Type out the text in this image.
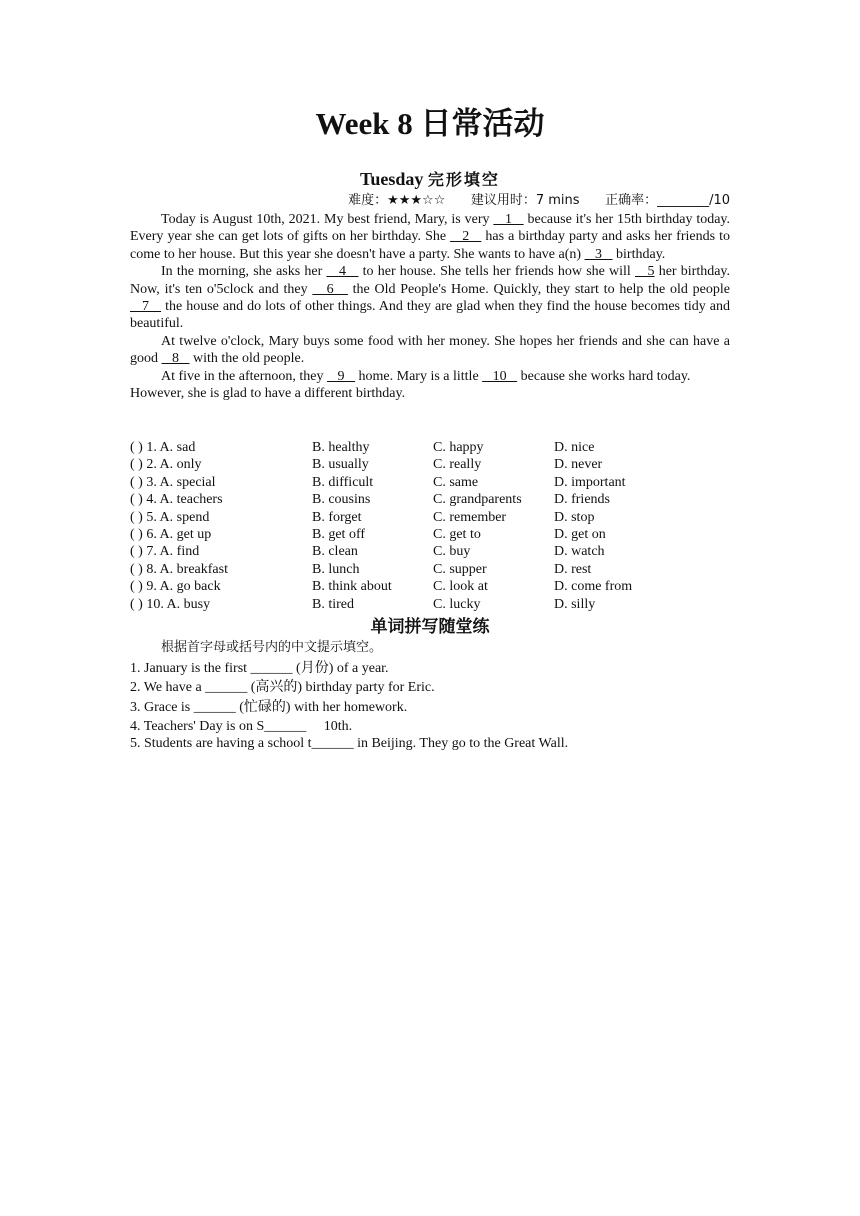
Week 8 日常活动
Tuesday 完形填空
难度：★★★☆☆ 建议用时：7 mins 正确率：________/10

Today is August 10th, 2021. My best friend, Mary, is very    1    because it's her 15th birthday today. Every year she can get lots of gifts on her birthday. She    2    has a birthday party and asks her friends to come to her house. But this year she doesn't have a party. She wants to have a(n)    3    birthday.

In the morning, she asks her    4    to her house. She tells her friends how she will    5 her birthday. Now, it's ten o'5clock and they    6    the Old People's Home. Quickly, they start to help the old people    7    the house and do lots of other things. And they are glad when they find the house becomes tidy and beautiful.

At twelve o'clock, Mary buys some food with her money. She hopes her friends and she can have a good    8    with the old people.

At five in the afternoon, they    9    home. Mary is a little    10    because she works hard today.

However, she is glad to have a different birthday.

( ) 1. A. sad	B. healthy	C. happy	D. nice
( ) 2. A. only	B. usually	C. really	D. never
( ) 3. A. special	B. difficult	C. same	D. important
( ) 4. A. teachers	B. cousins	C. grandparents D. friends
( ) 5. A. spend	B. forget	C. remember	D. stop
( ) 6. A. get up	B. get off	C. get to	D. get on
( ) 7. A. find	B. clean	C. buy	D. watch
( ) 8. A. breakfast	B. lunch	C. supper	D. rest
( ) 9. A. go back	B. think about	C. look at	D. come from
( ) 10. A. busy	B. tired	C. lucky	D. silly
单词拼写随堂练
根据首字母或括号内的中文提示填空。
1. January is the first ______ (月份) of a year.
2. We have a ______ (高兴的) birthday party for Eric.
3. Grace is ______ (忙碌的) with her homework.
4. Teachers' Day is on S______     10th.
5. Students are having a school t______ in Beijing. They go to the Great Wall.
